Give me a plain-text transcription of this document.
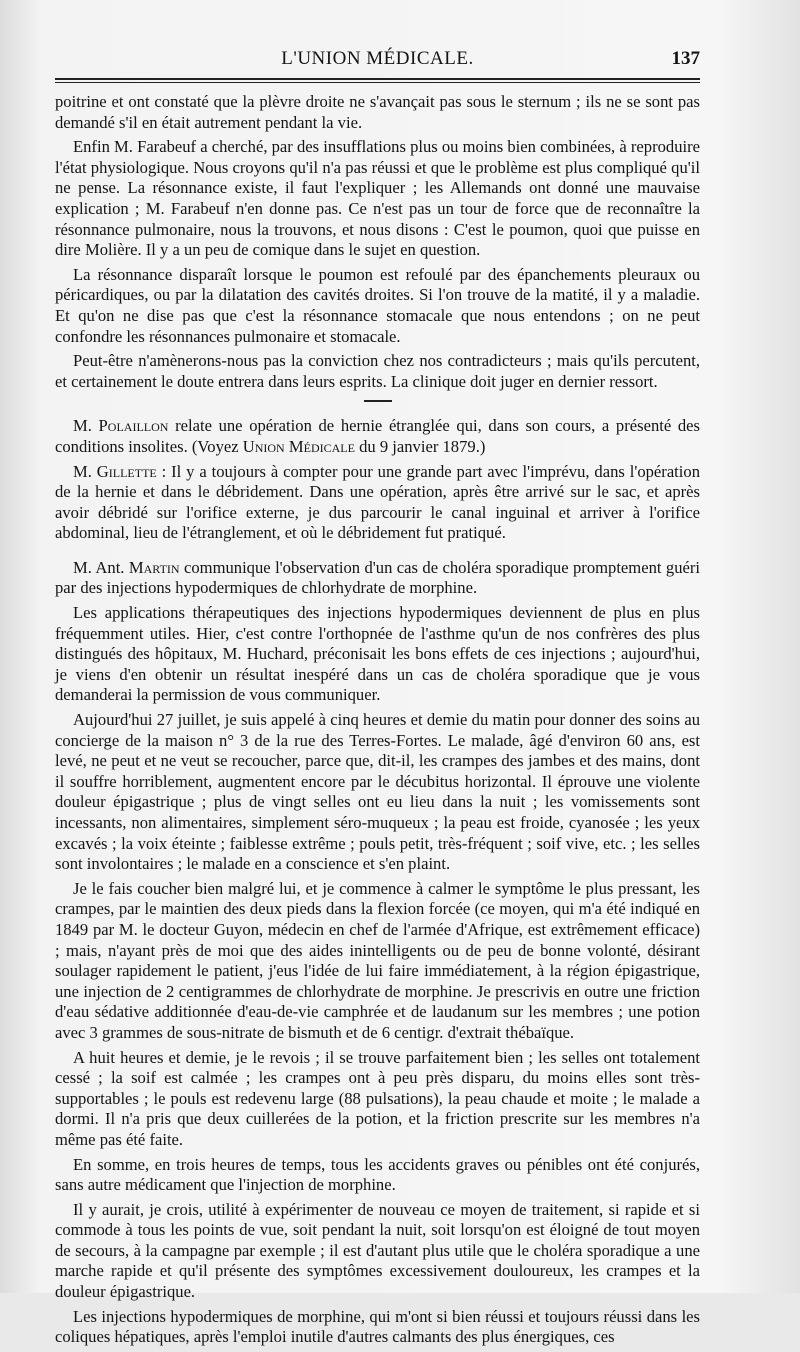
L'UNION MÉDICALE.	137

poitrine et ont constaté que la plèvre droite ne s'avançait pas sous le sternum ; ils ne se sont pas demandé s'il en était autrement pendant la vie.

Enfin M. Farabeuf a cherché, par des insufflations plus ou moins bien combinées, à reproduire l'état physiologique. Nous croyons qu'il n'a pas réussi et que le problème est plus compliqué qu'il ne pense. La résonnance existe, il faut l'expliquer ; les Allemands ont donné une mauvaise explication ; M. Farabeuf n'en donne pas. Ce n'est pas un tour de force que de reconnaître la résonnance pulmonaire, nous la trouvons, et nous disons : C'est le poumon, quoi que puisse en dire Molière. Il y a un peu de comique dans le sujet en question.

La résonnance disparaît lorsque le poumon est refoulé par des épanchements pleuraux ou péricardiques, ou par la dilatation des cavités droites. Si l'on trouve de la matité, il y a maladie. Et qu'on ne dise pas que c'est la résonnance stomacale que nous entendons ; on ne peut confondre les résonnances pulmonaire et stomacale.

Peut-être n'amènerons-nous pas la conviction chez nos contradicteurs ; mais qu'ils percutent, et certainement le doute entrera dans leurs esprits. La clinique doit juger en dernier ressort.

M. Polaillon relate une opération de hernie étranglée qui, dans son cours, a présenté des conditions insolites. (Voyez Union Médicale du 9 janvier 1879.)

M. Gillette : Il y a toujours à compter pour une grande part avec l'imprévu, dans l'opération de la hernie et dans le débridement. Dans une opération, après être arrivé sur le sac, et après avoir débridé sur l'orifice externe, je dus parcourir le canal inguinal et arriver à l'orifice abdominal, lieu de l'étranglement, et où le débridement fut pratiqué.

M. Ant. Martin communique l'observation d'un cas de choléra sporadique promptement guéri par des injections hypodermiques de chlorhydrate de morphine.

Les applications thérapeutiques des injections hypodermiques deviennent de plus en plus fréquemment utiles. Hier, c'est contre l'orthopnée de l'asthme qu'un de nos confrères des plus distingués des hôpitaux, M. Huchard, préconisait les bons effets de ces injections ; aujourd'hui, je viens d'en obtenir un résultat inespéré dans un cas de choléra sporadique que je vous demanderai la permission de vous communiquer.

Aujourd'hui 27 juillet, je suis appelé à cinq heures et demie du matin pour donner des soins au concierge de la maison n° 3 de la rue des Terres-Fortes. Le malade, âgé d'environ 60 ans, est levé, ne peut et ne veut se recoucher, parce que, dit-il, les crampes des jambes et des mains, dont il souffre horriblement, augmentent encore par le décubitus horizontal. Il éprouve une violente douleur épigastrique ; plus de vingt selles ont eu lieu dans la nuit ; les vomissements sont incessants, non alimentaires, simplement séro-muqueux ; la peau est froide, cyanosée ; les yeux excavés ; la voix éteinte ; faiblesse extrême ; pouls petit, très-fréquent ; soif vive, etc. ; les selles sont involontaires ; le malade en a conscience et s'en plaint.

Je le fais coucher bien malgré lui, et je commence à calmer le symptôme le plus pressant, les crampes, par le maintien des deux pieds dans la flexion forcée (ce moyen, qui m'a été indiqué en 1849 par M. le docteur Guyon, médecin en chef de l'armée d'Afrique, est extrêmement efficace) ; mais, n'ayant près de moi que des aides inintelligents ou de peu de bonne volonté, désirant soulager rapidement le patient, j'eus l'idée de lui faire immédiatement, à la région épigastrique, une injection de 2 centigrammes de chlorhydrate de morphine. Je prescrivis en outre une friction d'eau sédative additionnée d'eau-de-vie camphrée et de laudanum sur les membres ; une potion avec 3 grammes de sous-nitrate de bismuth et de 6 centigr. d'extrait thébaïque.

A huit heures et demie, je le revois ; il se trouve parfaitement bien ; les selles ont totalement cessé ; la soif est calmée ; les crampes ont à peu près disparu, du moins elles sont très-supportables ; le pouls est redevenu large (88 pulsations), la peau chaude et moite ; le malade a dormi. Il n'a pris que deux cuillerées de la potion, et la friction prescrite sur les membres n'a même pas été faite.

En somme, en trois heures de temps, tous les accidents graves ou pénibles ont été conjurés, sans autre médicament que l'injection de morphine.

Il y aurait, je crois, utilité à expérimenter de nouveau ce moyen de traitement, si rapide et si commode à tous les points de vue, soit pendant la nuit, soit lorsqu'on est éloigné de tout moyen de secours, à la campagne par exemple ; il est d'autant plus utile que le choléra sporadique a une marche rapide et qu'il présente des symptômes excessivement douloureux, les crampes et la douleur épigastrique.

Les injections hypodermiques de morphine, qui m'ont si bien réussi et toujours réussi dans les coliques hépatiques, après l'emploi inutile d'autres calmants des plus énergiques, ces
